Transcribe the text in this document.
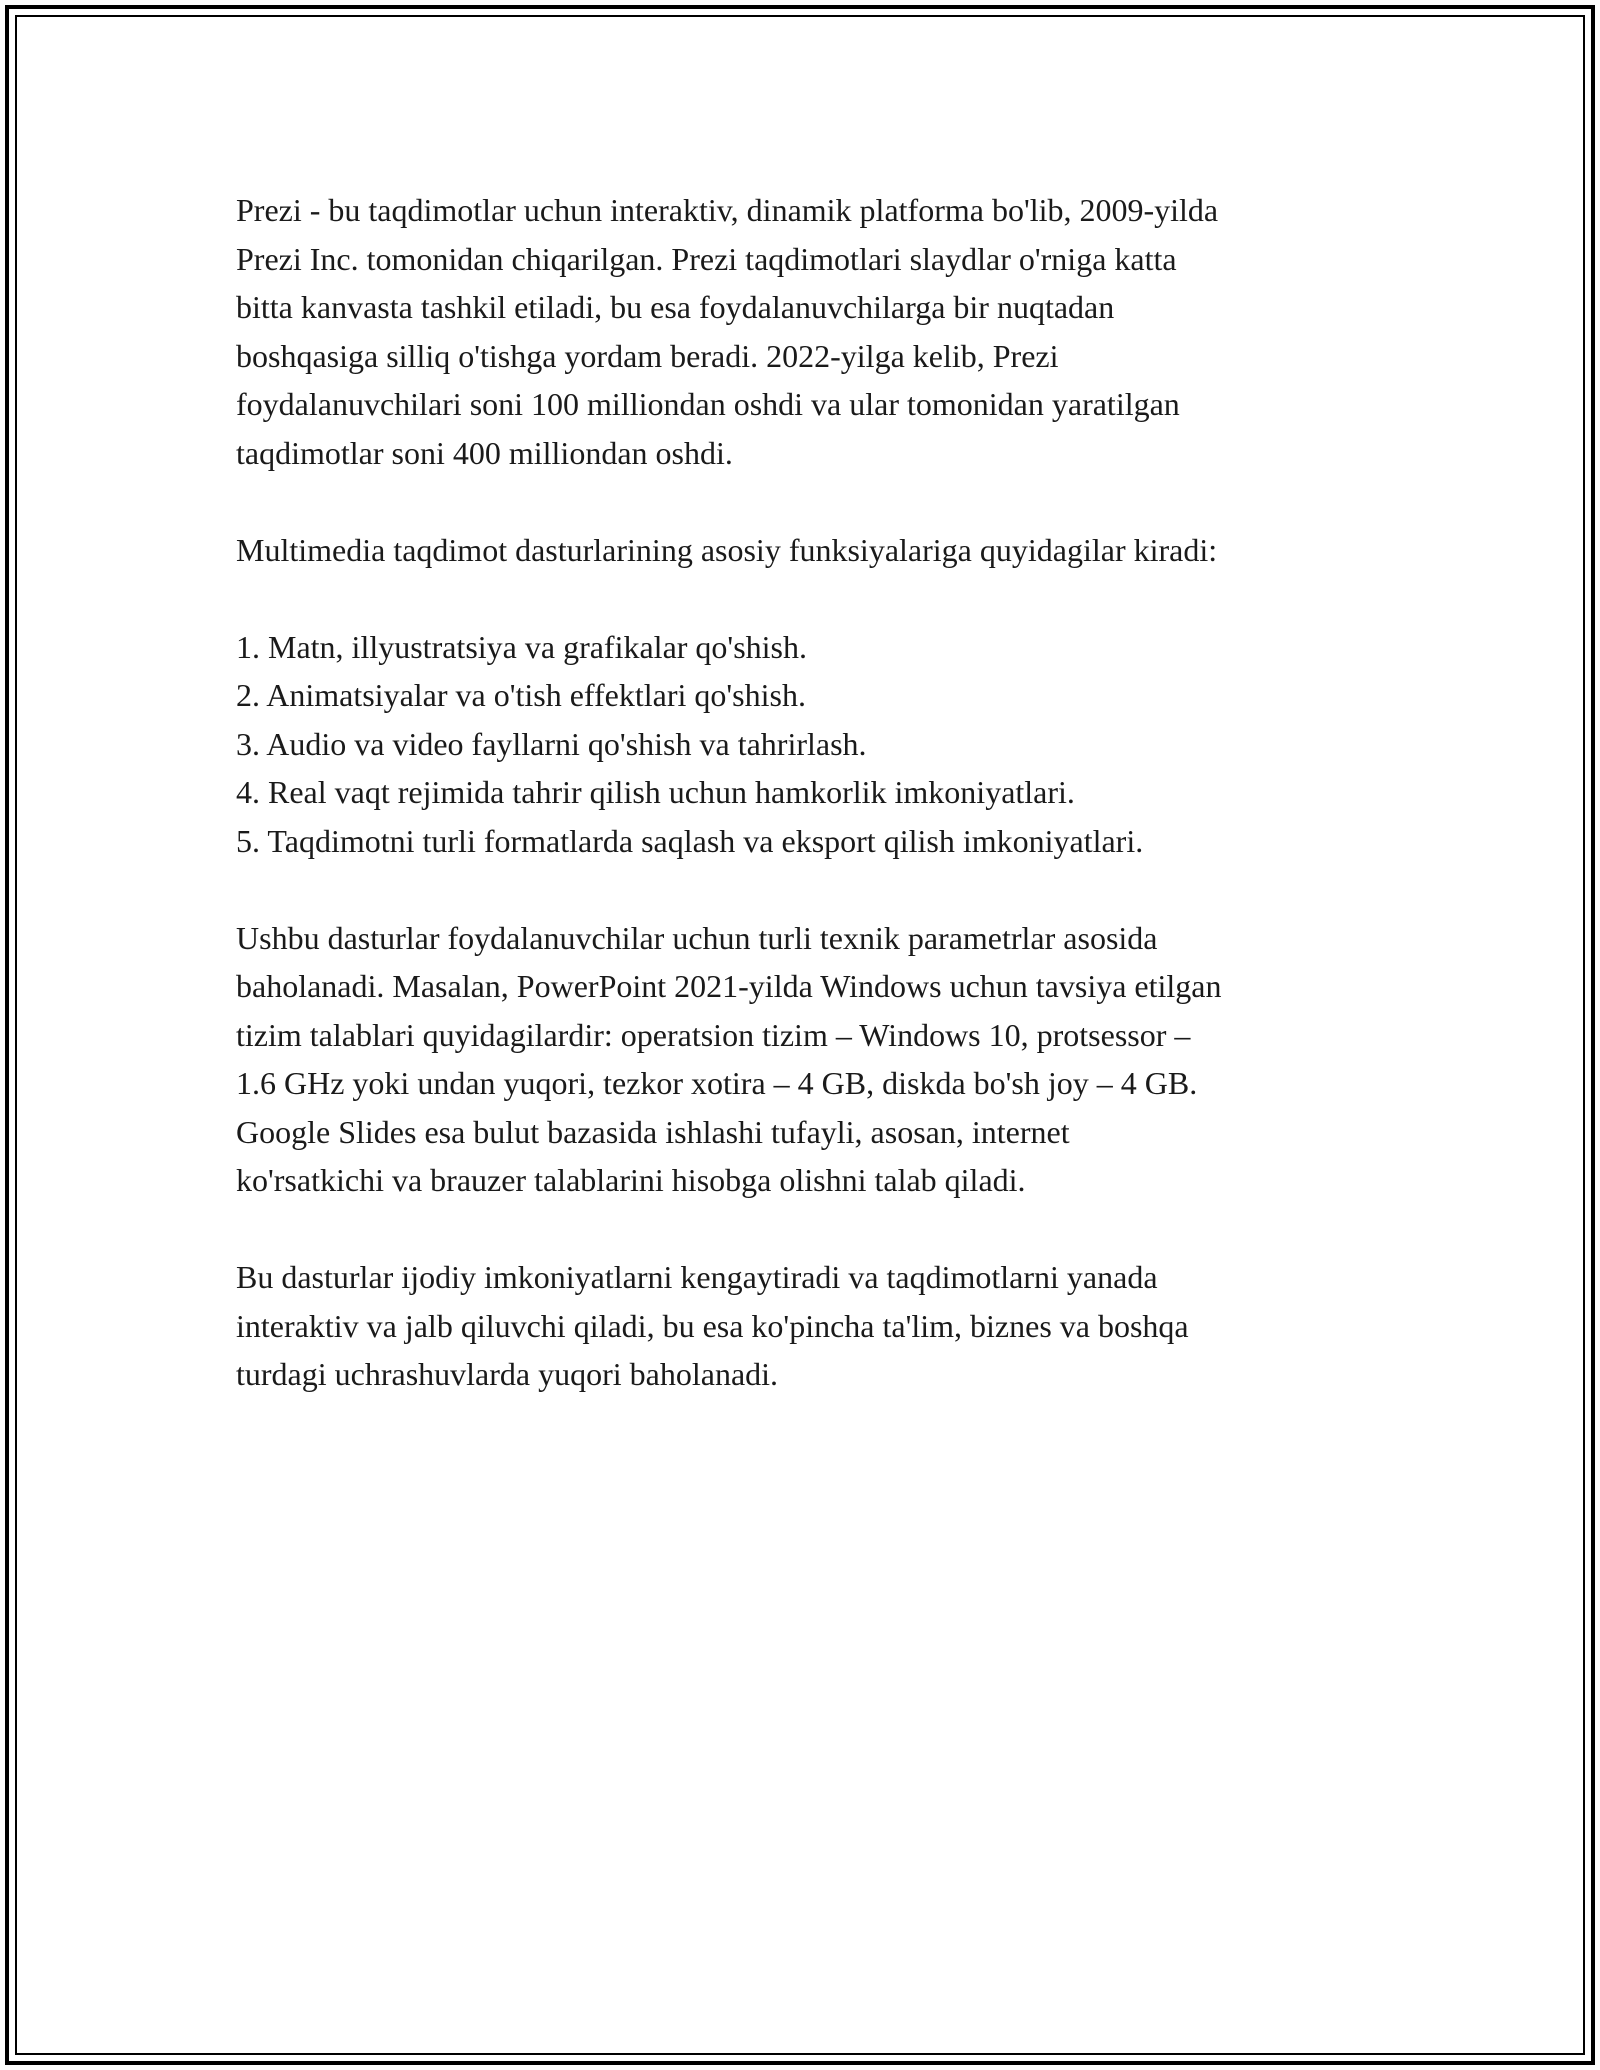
Prezi - bu taqdimotlar uchun interaktiv, dinamik platforma bo'lib, 2009-yilda
Prezi Inc. tomonidan chiqarilgan. Prezi taqdimotlari slaydlar o'rniga katta
bitta kanvasta tashkil etiladi, bu esa foydalanuvchilarga bir nuqtadan
boshqasiga silliq o'tishga yordam beradi. 2022-yilga kelib, Prezi
foydalanuvchilari soni 100 milliondan oshdi va ular tomonidan yaratilgan
taqdimotlar soni 400 milliondan oshdi.

Multimedia taqdimot dasturlarining asosiy funksiyalariga quyidagilar kiradi:

1. Matn, illyustratsiya va grafikalar qo'shish.
2. Animatsiyalar va o'tish effektlari qo'shish.
3. Audio va video fayllarni qo'shish va tahrirlash.
4. Real vaqt rejimida tahrir qilish uchun hamkorlik imkoniyatlari.
5. Taqdimotni turli formatlarda saqlash va eksport qilish imkoniyatlari.

Ushbu dasturlar foydalanuvchilar uchun turli texnik parametrlar asosida
baholanadi. Masalan, PowerPoint 2021-yilda Windows uchun tavsiya etilgan
tizim talablari quyidagilardir: operatsion tizim – Windows 10, protsessor –
1.6 GHz yoki undan yuqori, tezkor xotira – 4 GB, diskda bo'sh joy – 4 GB.
Google Slides esa bulut bazasida ishlashi tufayli, asosan, internet
ko'rsatkichi va brauzer talablarini hisobga olishni talab qiladi.

Bu dasturlar ijodiy imkoniyatlarni kengaytiradi va taqdimotlarni yanada
interaktiv va jalb qiluvchi qiladi, bu esa ko'pincha ta'lim, biznes va boshqa
turdagi uchrashuvlarda yuqori baholanadi.
